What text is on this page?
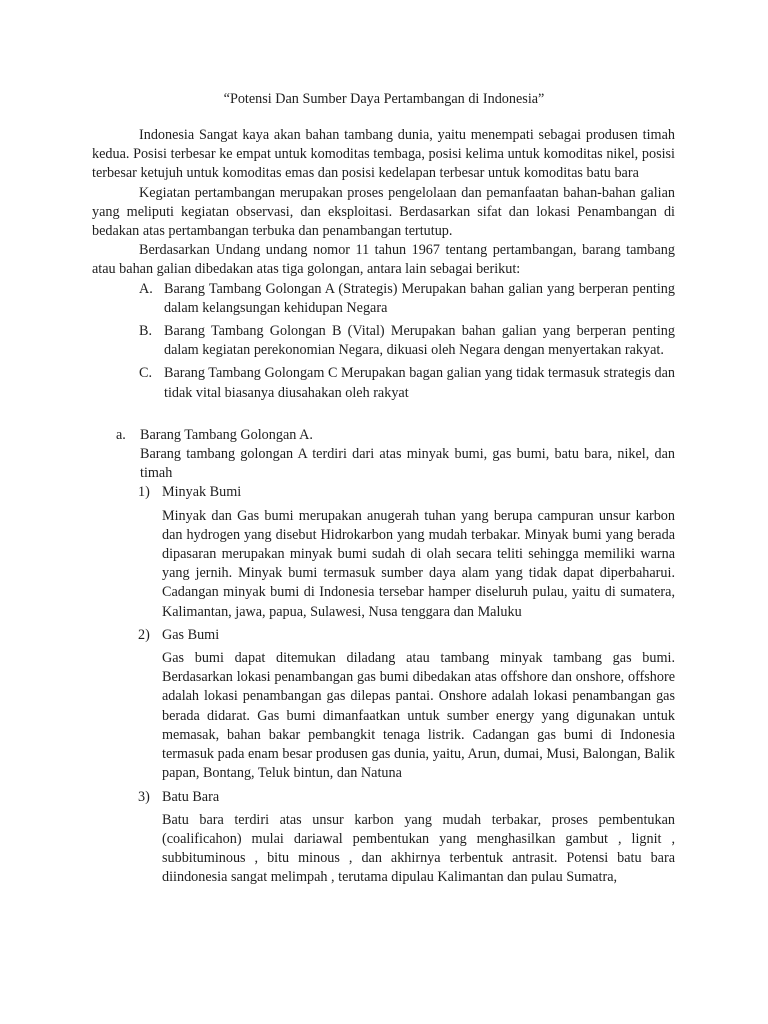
“Potensi Dan Sumber Daya Pertambangan di Indonesia”

Indonesia Sangat kaya akan bahan tambang dunia, yaitu menempati sebagai produsen timah kedua. Posisi terbesar ke empat untuk komoditas tembaga, posisi kelima untuk komoditas nikel, posisi terbesar ketujuh untuk komoditas emas dan posisi kedelapan terbesar untuk komoditas batu bara

Kegiatan pertambangan merupakan proses pengelolaan dan pemanfaatan bahan-bahan galian yang meliputi kegiatan observasi, dan eksploitasi. Berdasarkan sifat dan lokasi Penambangan di bedakan atas pertambangan terbuka dan penambangan tertutup.

Berdasarkan Undang undang nomor 11 tahun 1967 tentang pertambangan, barang tambang atau bahan galian dibedakan atas tiga golongan, antara lain sebagai berikut:

A. Barang Tambang Golongan A (Strategis) Merupakan bahan galian yang berperan penting dalam kelangsungan kehidupan Negara
B. Barang Tambang Golongan B (Vital) Merupakan bahan galian yang berperan penting dalam kegiatan perekonomian Negara, dikuasi oleh Negara dengan menyertakan rakyat.
C. Barang Tambang Golongam C Merupakan bagan galian yang tidak termasuk strategis dan tidak vital biasanya diusahakan oleh rakyat
a. Barang Tambang Golongan A.

Barang tambang golongan A terdiri dari atas minyak bumi, gas bumi, batu bara, nikel, dan timah

1) Minyak Bumi

Minyak dan Gas bumi merupakan anugerah tuhan yang berupa campuran unsur karbon dan hydrogen yang disebut Hidrokarbon yang mudah terbakar. Minyak bumi yang berada dipasaran merupakan minyak bumi sudah di olah secara teliti sehingga memiliki warna yang jernih. Minyak bumi termasuk sumber daya alam yang tidak dapat diperbaharui. Cadangan minyak bumi di Indonesia tersebar hamper diseluruh pulau, yaitu di sumatera, Kalimantan, jawa, papua, Sulawesi, Nusa tenggara dan Maluku

2) Gas Bumi

Gas bumi dapat ditemukan diladang atau tambang minyak tambang gas bumi. Berdasarkan lokasi penambangan gas bumi dibedakan atas offshore dan onshore, offshore adalah lokasi penambangan gas dilepas pantai. Onshore adalah lokasi penambangan gas berada didarat. Gas bumi dimanfaatkan untuk sumber energy yang digunakan untuk memasak, bahan bakar pembangkit tenaga listrik. Cadangan gas bumi di Indonesia termasuk pada enam besar produsen gas dunia, yaitu, Arun, dumai, Musi, Balongan, Balik papan, Bontang, Teluk bintun, dan Natuna

3) Batu Bara

Batu bara terdiri atas unsur karbon yang mudah terbakar, proses pembentukan (coalificahon) mulai dariawal pembentukan yang menghasilkan gambut , lignit , subbituminous , bitu minous , dan akhirnya terbentuk antrasit. Potensi batu bara diindonesia sangat melimpah , terutama dipulau Kalimantan dan pulau Sumatra,
